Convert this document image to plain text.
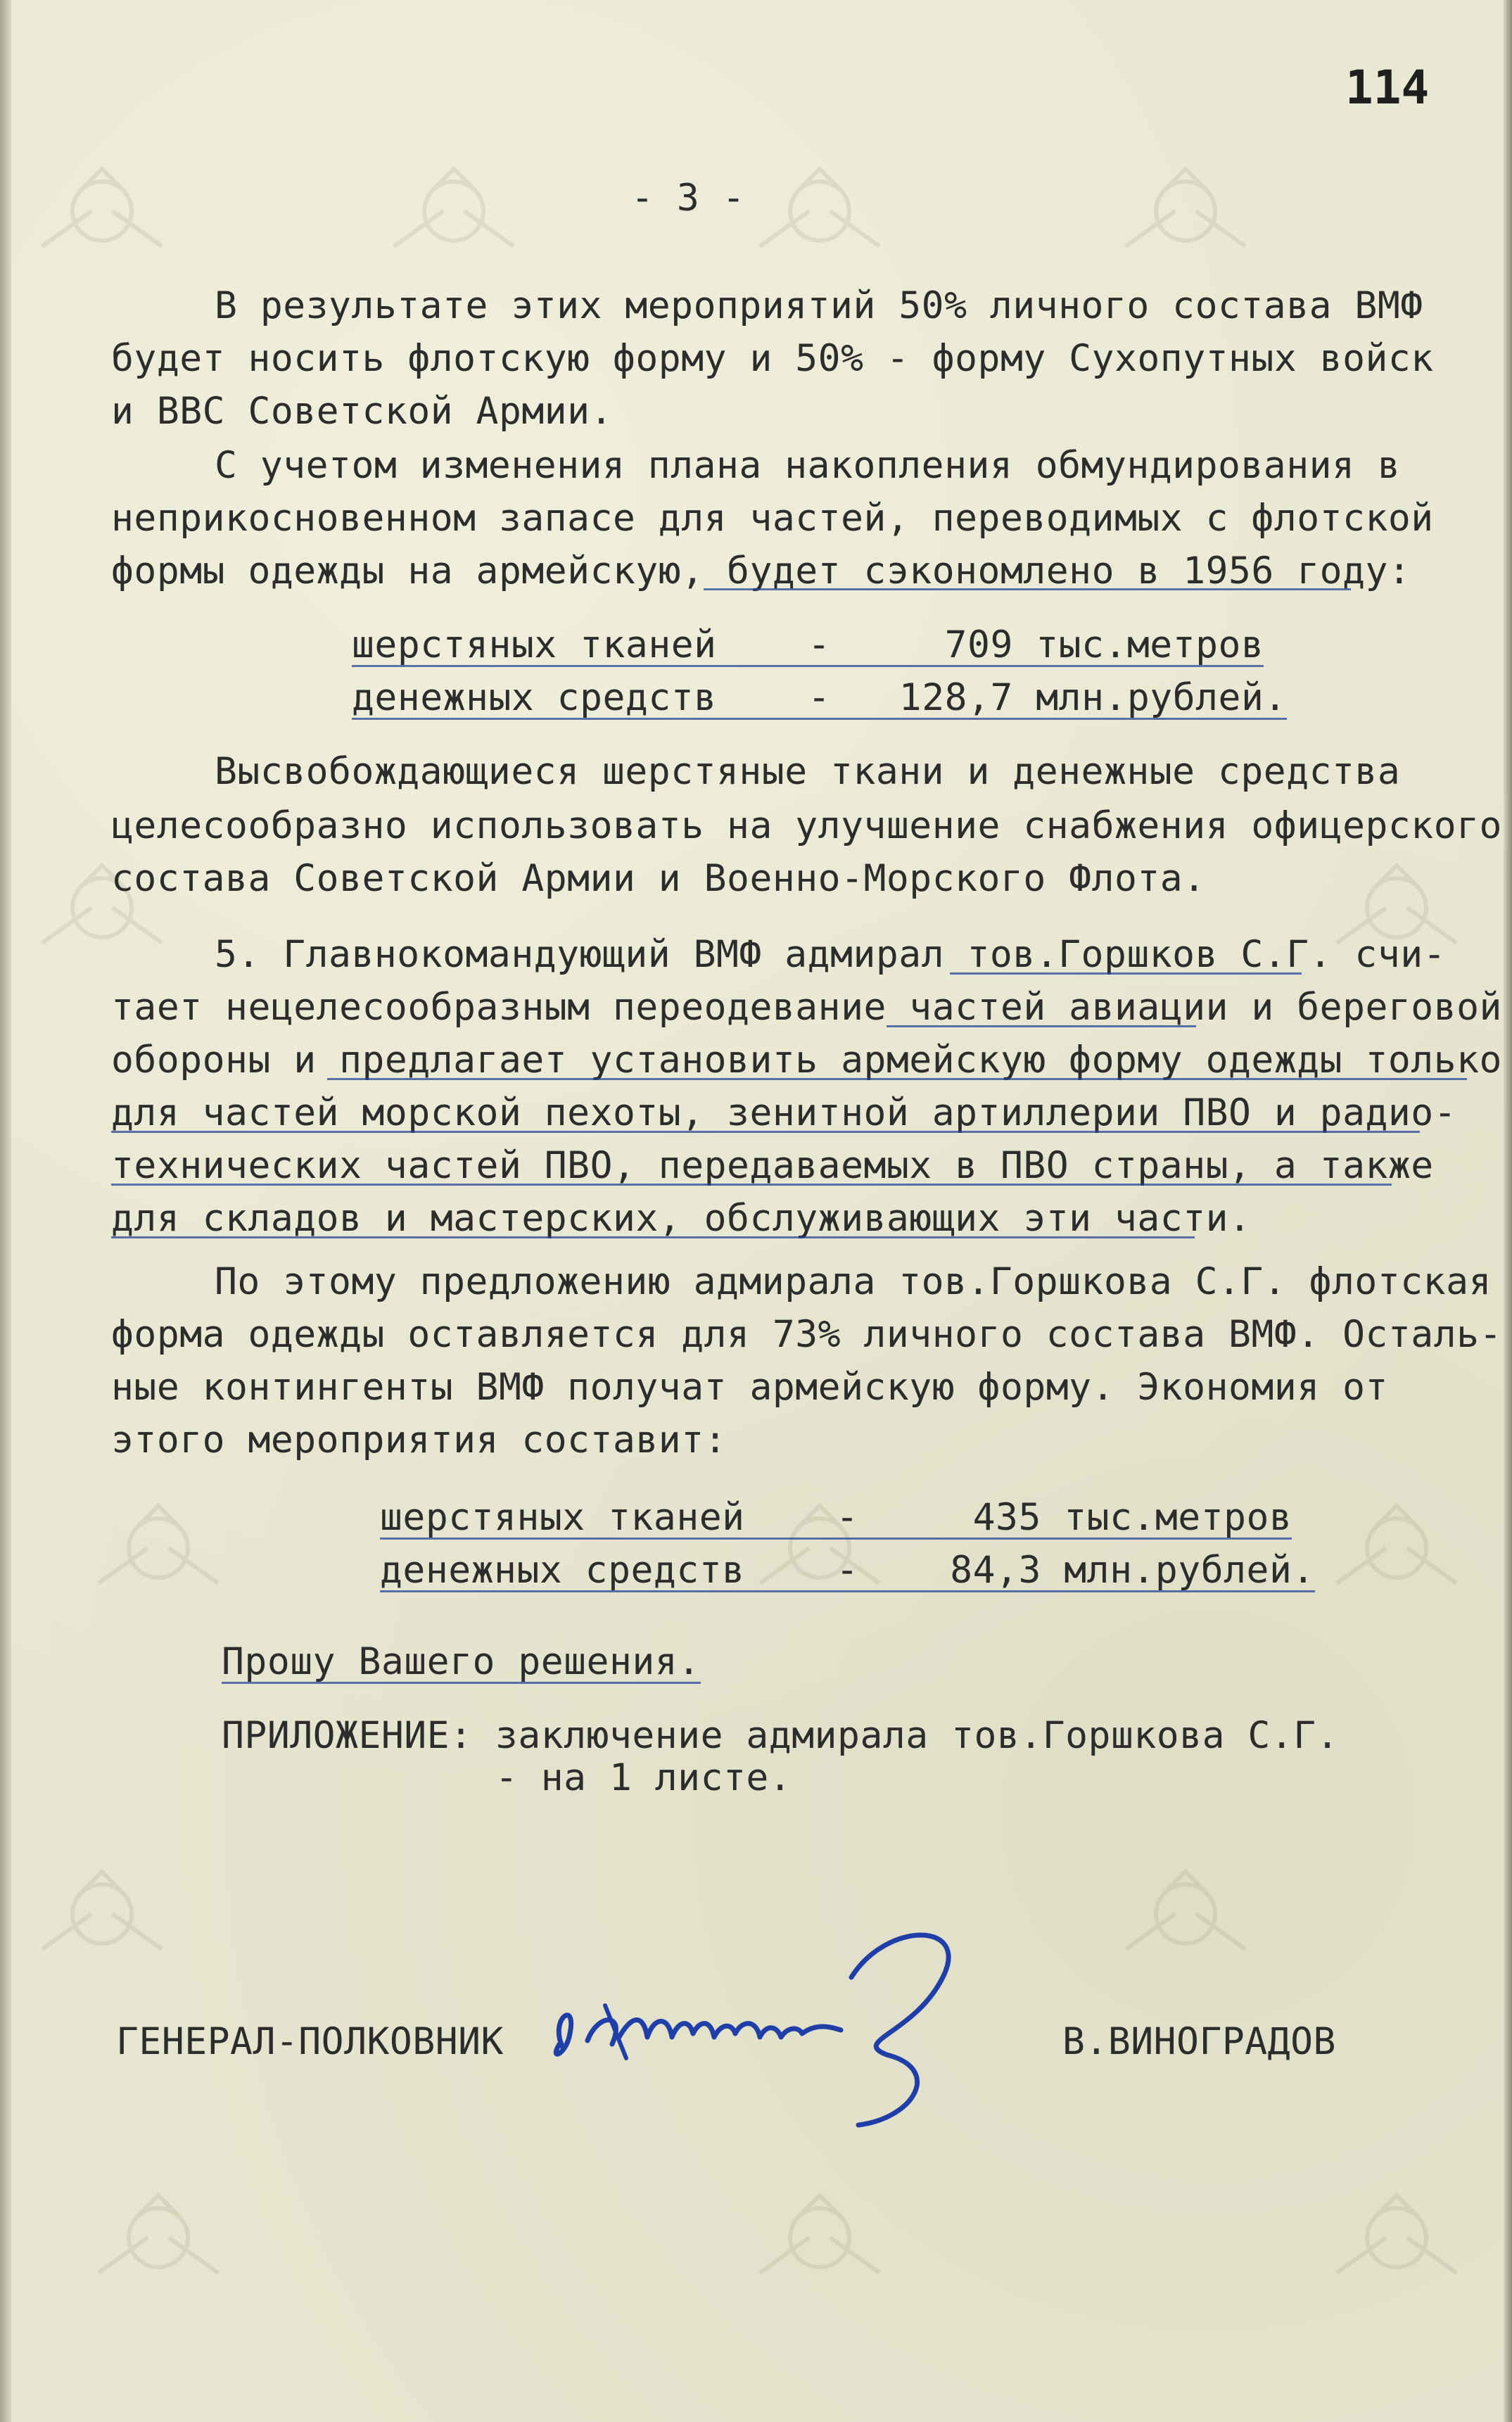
114
- 3 -
В результате этих мероприятий 50% личного состава ВМФ
будет носить флотскую форму и 50% - форму Сухопутных войск
и ВВС Советской Армии.
С учетом изменения плана накопления обмундирования в
неприкосновенном запасе для частей, переводимых с флотской
формы одежды на армейскую, будет сэкономлено в 1956 году:
шерстяных тканей    -     709 тыс.метров
денежных средств    -   128,7 млн.рублей.
Высвобождающиеся шерстяные ткани и денежные средства
целесообразно использовать на улучшение снабжения офицерского
состава Советской Армии и Военно-Морского Флота.
5. Главнокомандующий ВМФ адмирал тов.Горшков С.Г. счи-
тает нецелесообразным переодевание частей авиации и береговой
обороны и предлагает установить армейскую форму одежды только
для частей морской пехоты, зенитной артиллерии ПВО и радио-
технических частей ПВО, передаваемых в ПВО страны, а также
для складов и мастерских, обслуживающих эти части.
По этому предложению адмирала тов.Горшкова С.Г. флотская
форма одежды оставляется для 73% личного состава ВМФ. Осталь-
ные контингенты ВМФ получат армейскую форму. Экономия от
этого мероприятия составит:
шерстяных тканей    -     435 тыс.метров
денежных средств    -    84,3 млн.рублей.
Прошу Вашего решения.
ПРИЛОЖЕНИЕ: заключение адмирала тов.Горшкова С.Г.
- на 1 листе.
ГЕНЕРАЛ-ПОЛКОВНИК	В.ВИНОГРАДОВ
